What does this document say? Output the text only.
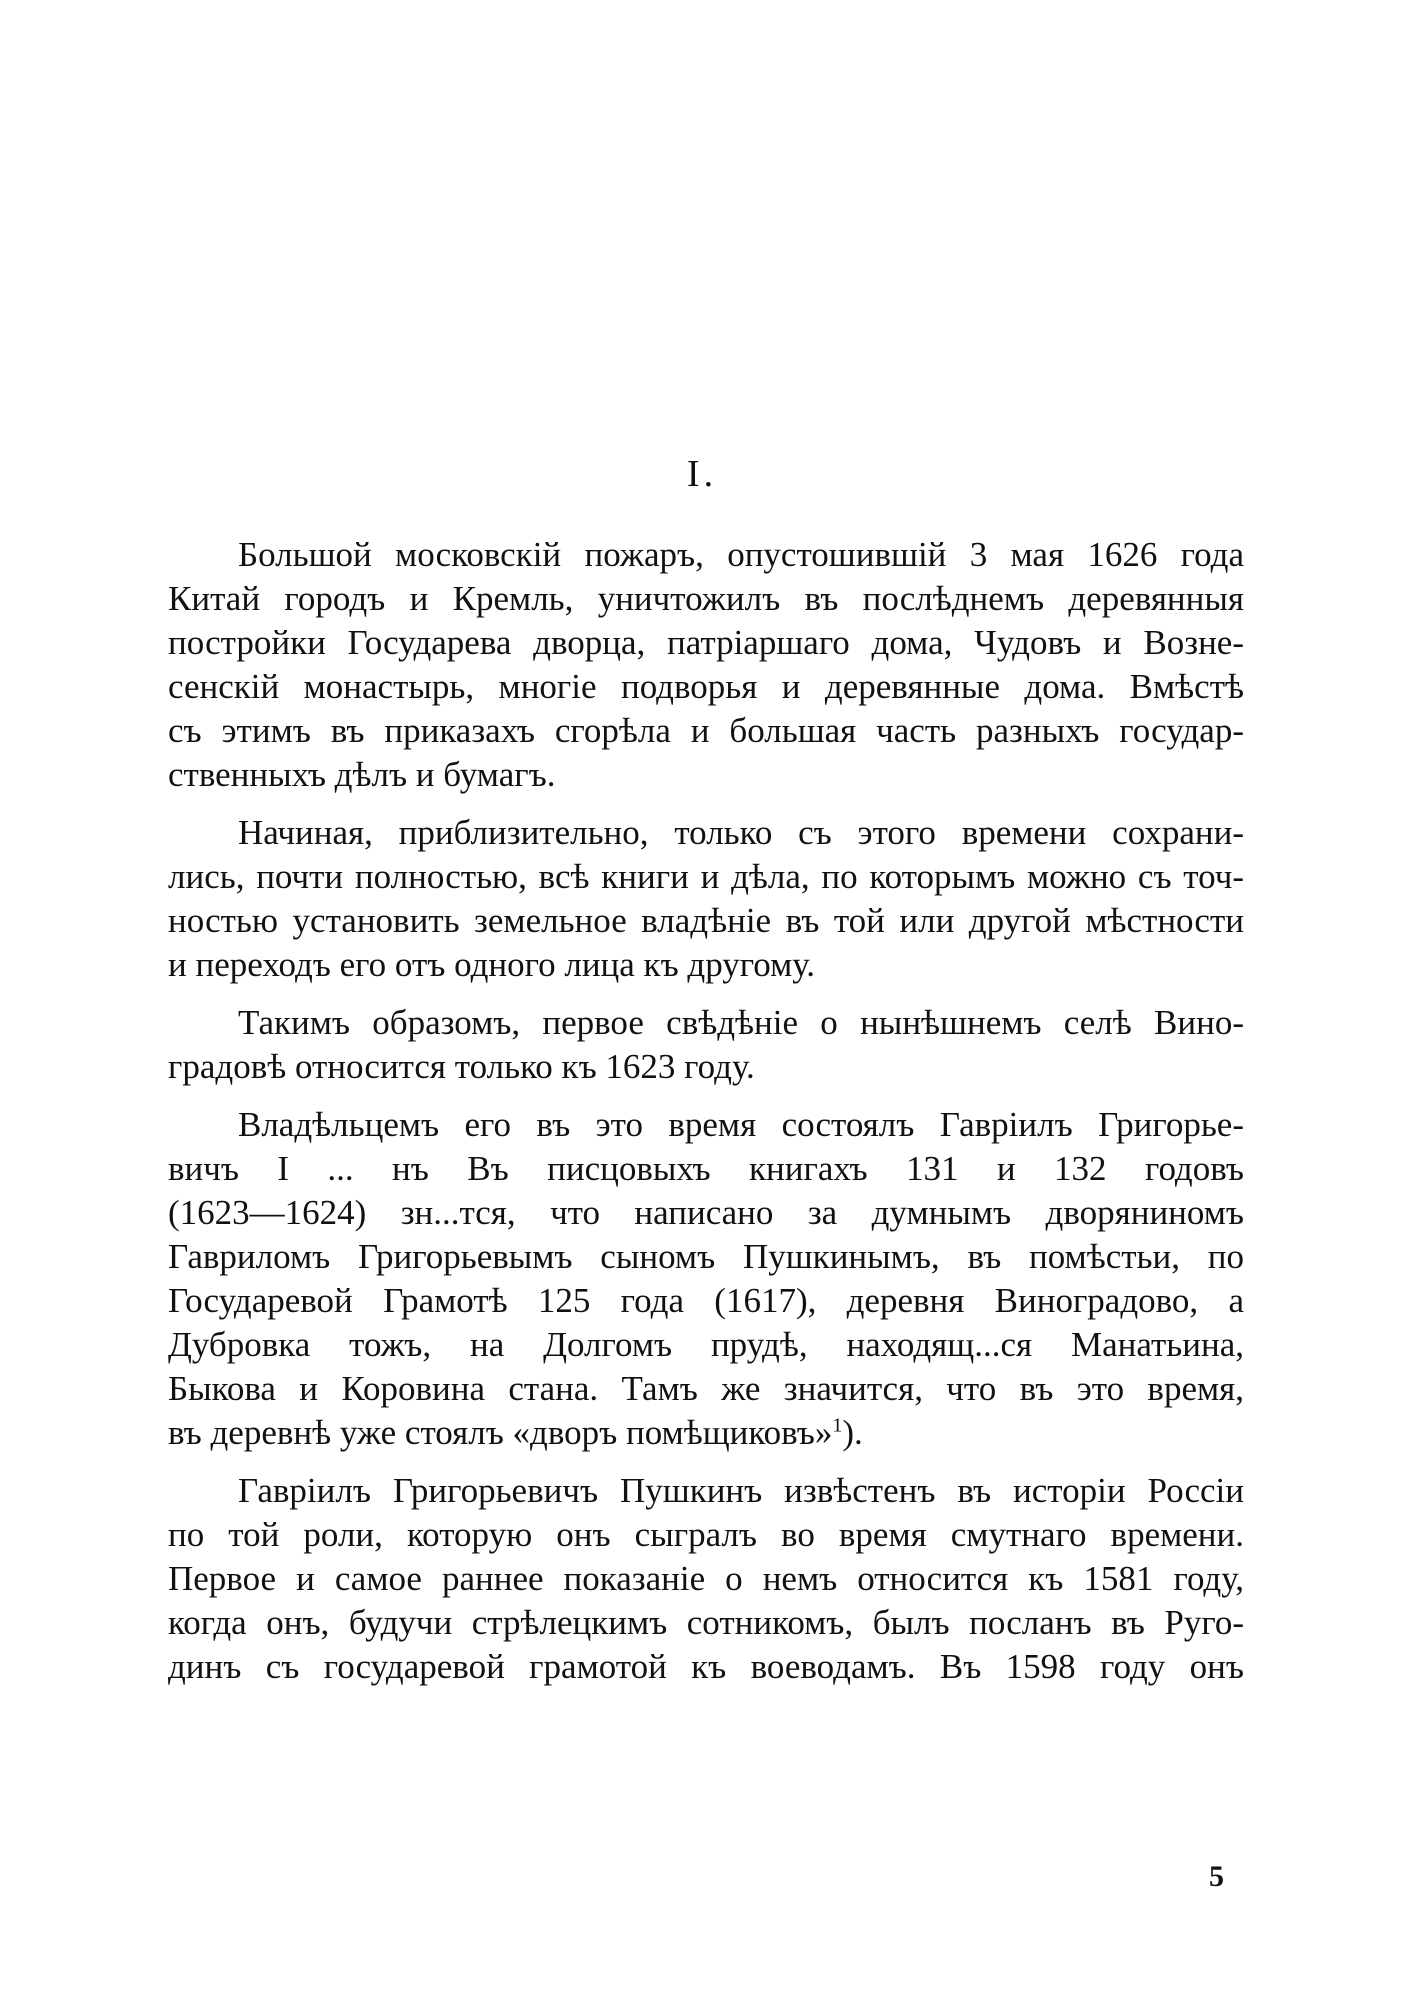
I.
Большой московскій пожаръ, опустошившій 3 мая 1626 года
Китай городъ и Кремль, уничтожилъ въ послѣднемъ деревянныя
постройки Государева дворца, патріаршаго дома, Чудовъ и Возне-
сенскій монастырь, многіе подворья и деревянные дома. Вмѣстѣ
съ этимъ въ приказахъ сгорѣла и большая часть разныхъ государ-
ственныхъ дѣлъ и бумагъ.
Начиная, приблизительно, только съ этого времени сохрани-
лись, почти полностью, всѣ книги и дѣла, по которымъ можно съ точ-
ностью установить земельное владѣніе въ той или другой мѣстности
и переходъ его отъ одного лица къ другому.
Такимъ образомъ, первое свѣдѣніе о нынѣшнемъ селѣ Вино-
градовѣ относится только къ 1623 году.
Владѣльцемъ его въ это время состоялъ Гавріилъ Григорье-
вичъ I ... нъ Въ писцовыхъ книгахъ 131 и 132 годовъ
(1623—1624) зн...тся, что написано за думнымъ дворяниномъ
Гавриломъ Григорьевымъ сыномъ Пушкинымъ, въ помѣстьи, по
Государевой Грамотѣ 125 года (1617), деревня Виноградово, а
Дубровка тожъ, на Долгомъ прудѣ, находящ...ся Манатьина,
Быкова и Коровина стана. Тамъ же значится, что въ это время,
въ деревнѣ уже стоялъ «дворъ помѣщиковъ»$^1$).
Гавріилъ Григорьевичъ Пушкинъ извѣстенъ въ исторіи Россіи
по той роли, которую онъ сыгралъ во время смутнаго времени.
Первое и самое раннее показаніе о немъ относится къ 1581 году,
когда онъ, будучи стрѣлецкимъ сотникомъ, былъ посланъ въ Руго-
динъ съ государевой грамотой къ воеводамъ. Въ 1598 году онъ
5
